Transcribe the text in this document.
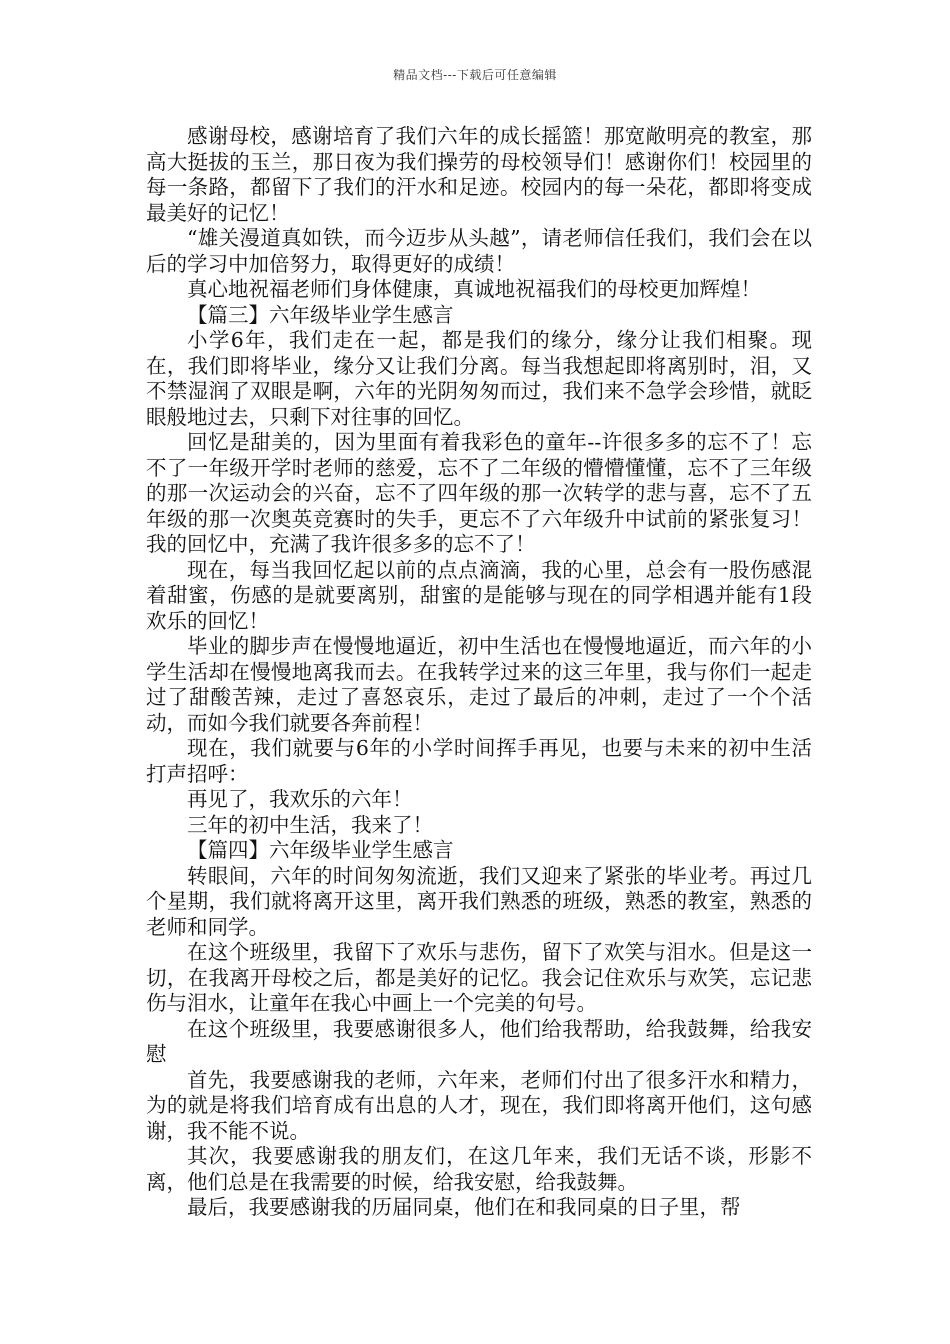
精品文档---下载后可任意编辑

感谢母校，感谢培育了我们六年的成长摇篮！那宽敞明亮的教室，那高大挺拔的玉兰，那日夜为我们操劳的母校领导们！感谢你们！校园里的每一条路，都留下了我们的汗水和足迹。校园内的每一朵花，都即将变成最美好的记忆！

“雄关漫道真如铁，而今迈步从头越”，请老师信任我们，我们会在以后的学习中加倍努力，取得更好的成绩！

真心地祝福老师们身体健康，真诚地祝福我们的母校更加辉煌！

【篇三】六年级毕业学生感言

小学6年，我们走在一起，都是我们的缘分，缘分让我们相聚。现在，我们即将毕业，缘分又让我们分离。每当我想起即将离别时，泪，又不禁湿润了双眼是啊，六年的光阴匆匆而过，我们来不急学会珍惜，就眨眼般地过去，只剩下对往事的回忆。

回忆是甜美的，因为里面有着我彩色的童年--许很多多的忘不了！忘不了一年级开学时老师的慈爱，忘不了二年级的懵懵懂懂，忘不了三年级的那一次运动会的兴奋，忘不了四年级的那一次转学的悲与喜，忘不了五年级的那一次奥英竞赛时的失手，更忘不了六年级升中试前的紧张复习！我的回忆中，充满了我许很多多的忘不了！

现在，每当我回忆起以前的点点滴滴，我的心里，总会有一股伤感混着甜蜜，伤感的是就要离别，甜蜜的是能够与现在的同学相遇并能有1段欢乐的回忆！

毕业的脚步声在慢慢地逼近，初中生活也在慢慢地逼近，而六年的小学生活却在慢慢地离我而去。在我转学过来的这三年里，我与你们一起走过了甜酸苦辣，走过了喜怒哀乐，走过了最后的冲刺，走过了一个个活动，而如今我们就要各奔前程！

现在，我们就要与6年的小学时间挥手再见，也要与未来的初中生活打声招呼：

再见了，我欢乐的六年！

三年的初中生活，我来了！

【篇四】六年级毕业学生感言

转眼间，六年的时间匆匆流逝，我们又迎来了紧张的毕业考。再过几个星期，我们就将离开这里，离开我们熟悉的班级，熟悉的教室，熟悉的老师和同学。

在这个班级里，我留下了欢乐与悲伤，留下了欢笑与泪水。但是这一切，在我离开母校之后，都是美好的记忆。我会记住欢乐与欢笑，忘记悲伤与泪水，让童年在我心中画上一个完美的句号。

在这个班级里，我要感谢很多人，他们给我帮助，给我鼓舞，给我安慰

首先，我要感谢我的老师，六年来，老师们付出了很多汗水和精力，为的就是将我们培育成有出息的人才，现在，我们即将离开他们，这句感谢，我不能不说。

其次，我要感谢我的朋友们，在这几年来，我们无话不谈，形影不离，他们总是在我需要的时候，给我安慰，给我鼓舞。

最后，我要感谢我的历届同桌，他们在和我同桌的日子里，帮
